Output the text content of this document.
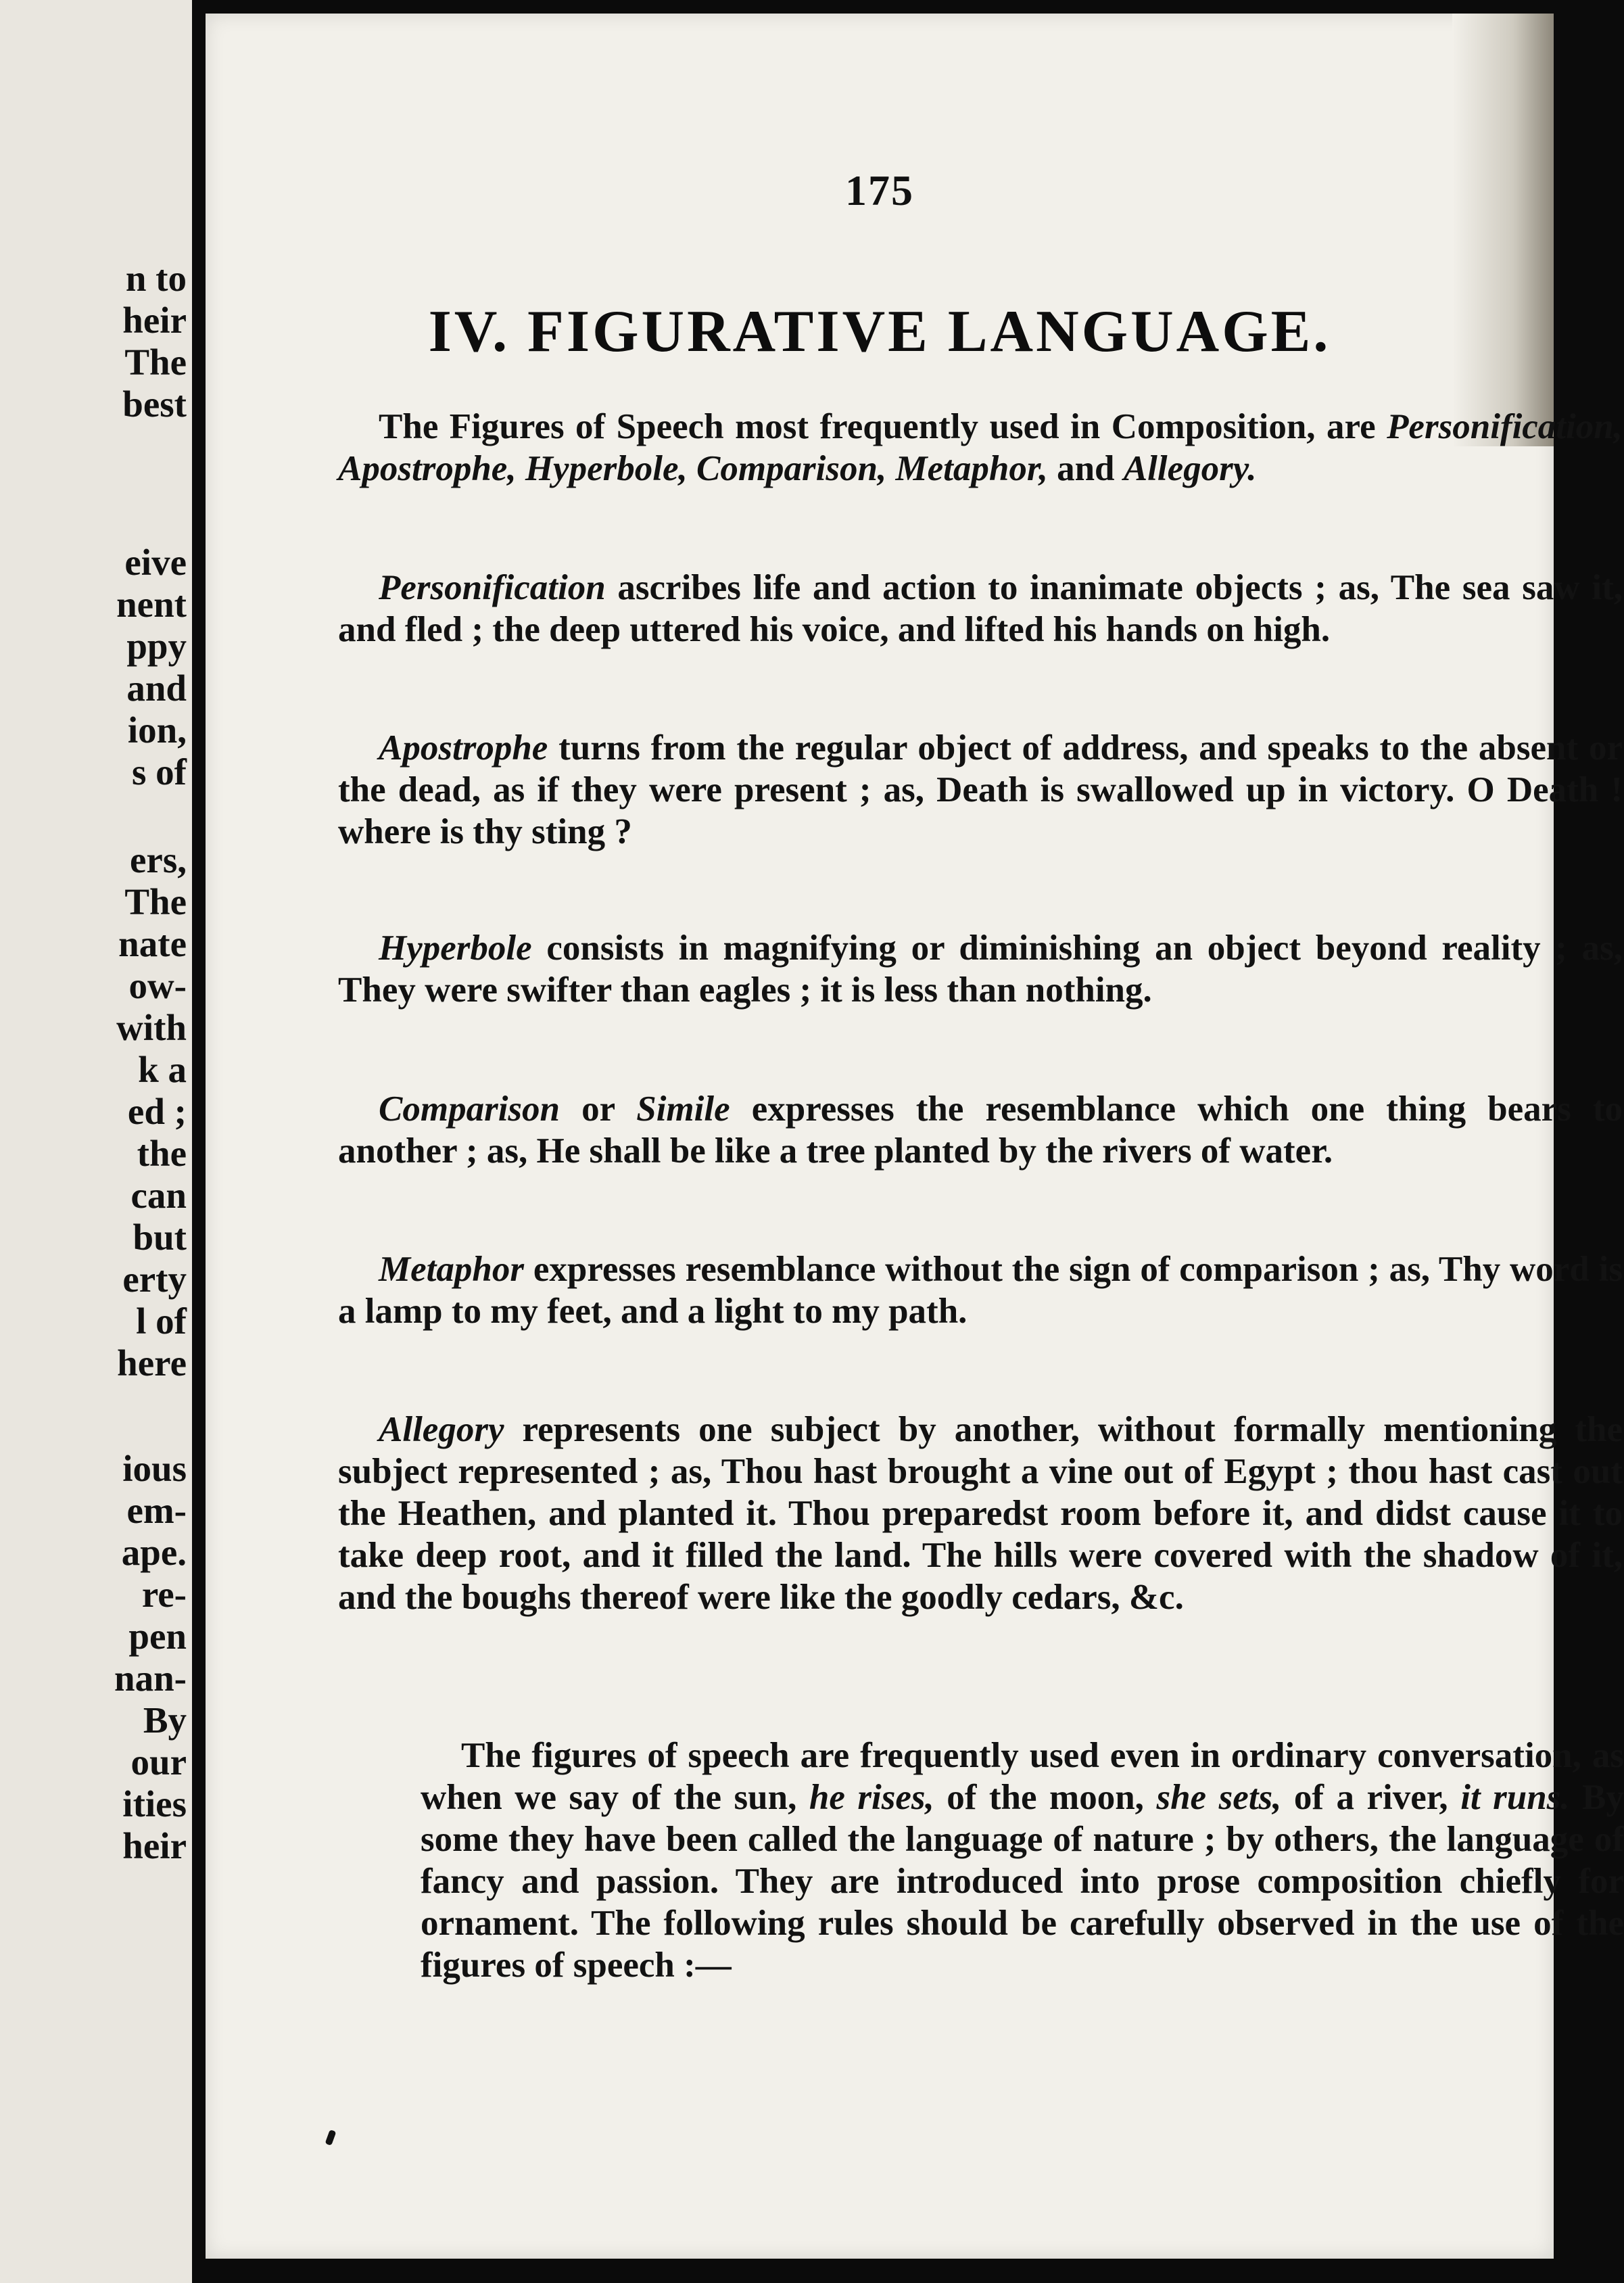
n to
heir
The
best
eive
nent
ppy
and
ion,
s of
ers,
The
nate
ow-
with
k a
ed ;
the
can
but
erty
l of
here
ious
em-
ape.
re-
pen
nan-
By
our
ities
heir
175
IV. FIGURATIVE LANGUAGE.

The Figures of Speech most frequently used in Composition, are Personification, Apostrophe, Hyperbole, Comparison, Metaphor, and Allegory.

Personification ascribes life and action to inanimate objects ; as, The sea saw it, and fled ; the deep uttered his voice, and lifted his hands on high.

Apostrophe turns from the regular object of address, and speaks to the absent or the dead, as if they were present ; as, Death is swallowed up in victory. O Death ! where is thy sting ?

Hyperbole consists in magnifying or diminishing an object beyond reality ; as, They were swifter than eagles ; it is less than nothing.

Comparison or Simile expresses the resemblance which one thing bears to another ; as, He shall be like a tree planted by the rivers of water.

Metaphor expresses resemblance without the sign of comparison ; as, Thy word is a lamp to my feet, and a light to my path.

Allegory represents one subject by another, without formally mentioning the subject represented ; as, Thou hast brought a vine out of Egypt ; thou hast cast out the Heathen, and planted it. Thou preparedst room before it, and didst cause it to take deep root, and it filled the land. The hills were covered with the shadow of it, and the boughs thereof were like the goodly cedars, &c.

The figures of speech are frequently used even in ordinary conversation, as when we say of the sun, he rises, of the moon, she sets, of a river, it runs. By some they have been called the language of nature ; by others, the language of fancy and passion. They are introduced into prose composition chiefly for ornament. The following rules should be carefully observed in the use of the figures of speech :—
